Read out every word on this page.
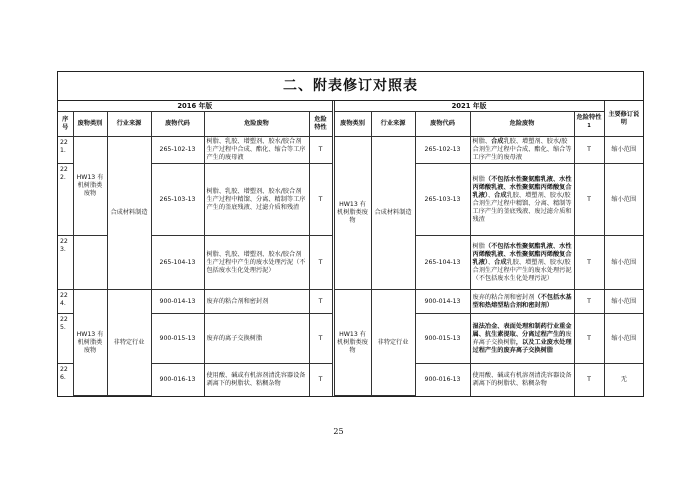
二、附表修订对照表
2016 年版						2021 年版					主要修订说明
序号	废物类别	行业来源	废物代码	危险废物	危险特性	废物类别	行业来源	废物代码	危险废物	危险特性$^1$
221.	HW13 有机树脂类废物	合成材料制造	265-102-13	树脂、乳胶、增塑剂、胶水/胶合剂生产过程中合成、酯化、缩合等工序产生的废母液	T	HW13 有机树脂类废物	合成材料制造	265-102-13	树脂、合成乳胶、增塑剂、胶水/胶合剂生产过程中合成、酯化、缩合等工序产生的废母液	T	缩小范围
222.			265-103-13	树脂、乳胶、增塑剂、胶水/胶合剂生产过程中精馏、分离、精制等工序产生的釜底残液、过滤介质和残渣	T			265-103-13	树脂（不包括水性聚氨酯乳液、水性丙烯酸乳液、水性聚氨酯丙烯酸复合乳液）、合成乳胶、增塑剂、胶水/胶合剂生产过程中精馏、分离、精制等工序产生的釜底残液、废过滤介质和残渣	T	缩小范围
223.			265-104-13	树脂、乳胶、增塑剂、胶水/胶合剂生产过程中产生的废水处理污泥（不包括废水生化处理污泥）	T			265-104-13	树脂（不包括水性聚氨酯乳液、水性丙烯酸乳液、水性聚氨酯丙烯酸复合乳液）、合成乳胶、增塑剂、胶水/胶合剂生产过程中产生的废水处理污泥（不包括废水生化处理污泥）	T	缩小范围
224.	HW13 有机树脂类废物	非特定行业	900-014-13	废弃的粘合剂和密封剂	T	HW13 有机树脂类废物	非特定行业	900-014-13	废弃的粘合剂和密封剂（不包括水基型和热熔型粘合剂和密封剂）	T	缩小范围
225.			900-015-13	废弃的离子交换树脂	T			900-015-13	湿法冶金、表面处理和制药行业重金属、抗生素提取、分离过程产生的废弃离子交换树脂，以及工业废水处理过程产生的废弃离子交换树脂	T	缩小范围
226.			900-016-13	使用酸、碱或有机溶剂清洗容器设备剥离下的树脂状、粘稠杂物	T			900-016-13	使用酸、碱或有机溶剂清洗容器设备剥离下的树脂状、粘稠杂物	T	无
25
